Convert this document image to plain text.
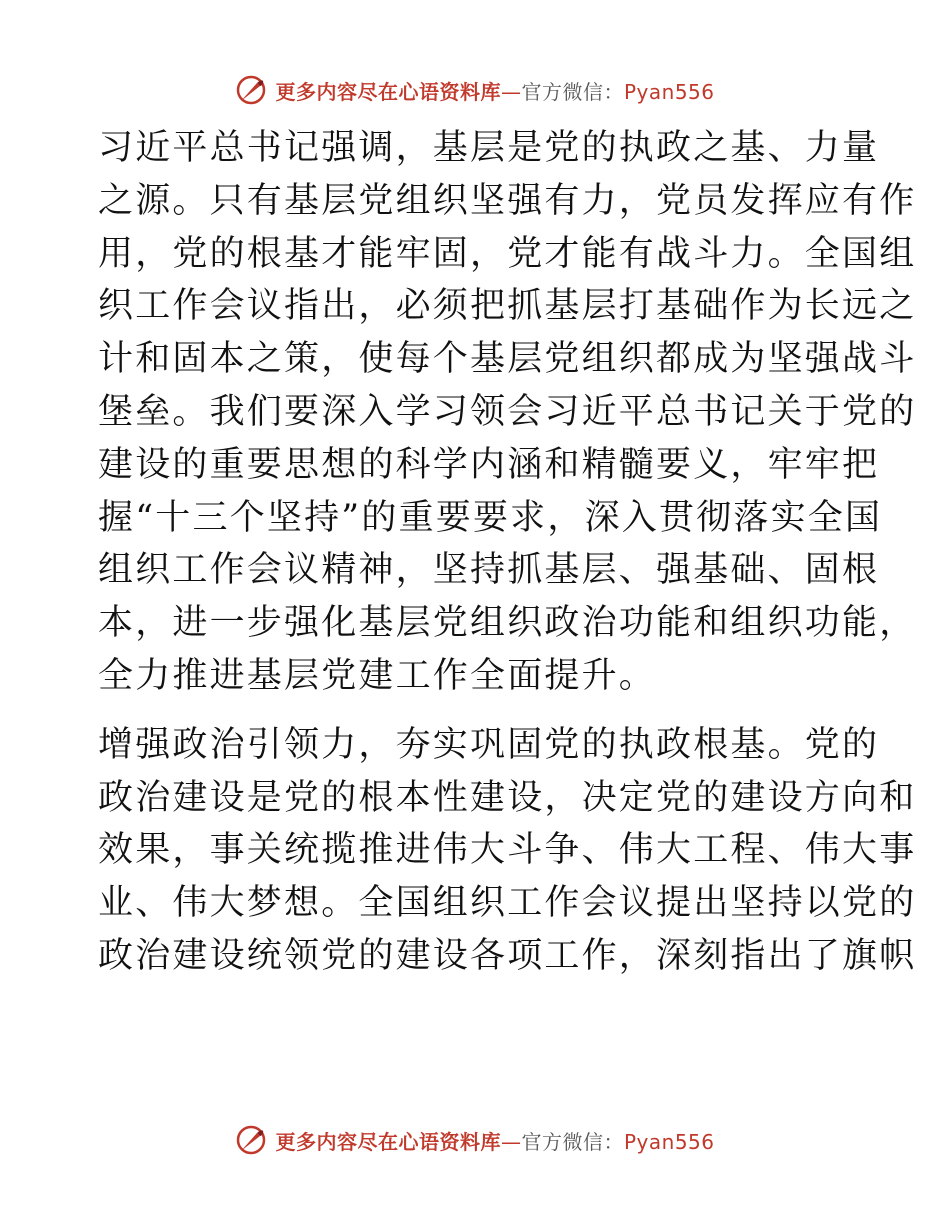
更多内容尽在心语资料库—官方微信：Pyan556

习近平总书记强调，基层是党的执政之基、力量
之源。只有基层党组织坚强有力，党员发挥应有作
用，党的根基才能牢固，党才能有战斗力。全国组
织工作会议指出，必须把抓基层打基础作为长远之
计和固本之策，使每个基层党组织都成为坚强战斗
堡垒。我们要深入学习领会习近平总书记关于党的
建设的重要思想的科学内涵和精髓要义，牢牢把
握“十三个坚持”的重要要求，深入贯彻落实全国
组织工作会议精神，坚持抓基层、强基础、固根
本，进一步强化基层党组织政治功能和组织功能，
全力推进基层党建工作全面提升。

增强政治引领力，夯实巩固党的执政根基。党的
政治建设是党的根本性建设，决定党的建设方向和
效果，事关统揽推进伟大斗争、伟大工程、伟大事
业、伟大梦想。全国组织工作会议提出坚持以党的
政治建设统领党的建设各项工作，深刻指出了旗帜

更多内容尽在心语资料库—官方微信：Pyan556
